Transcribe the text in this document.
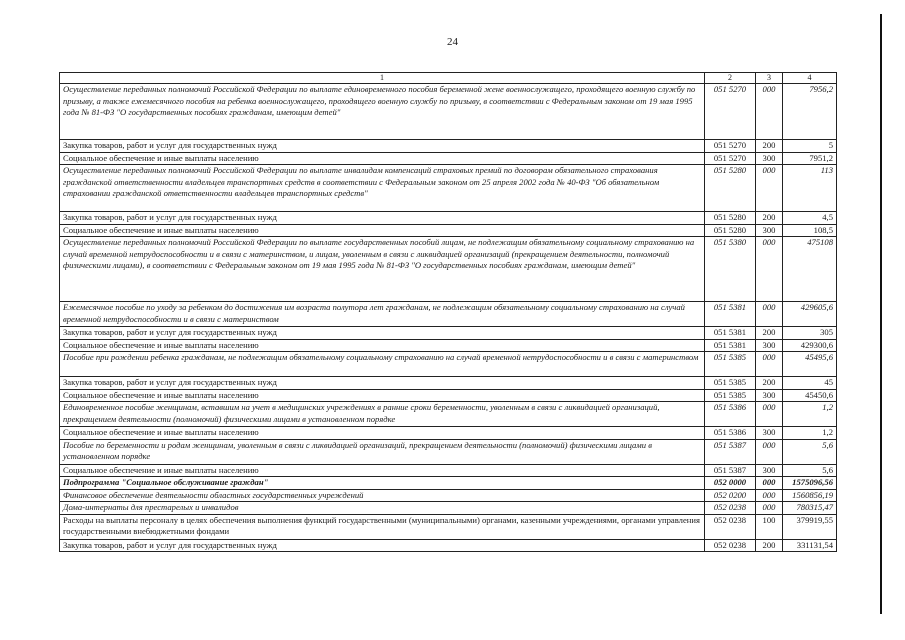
24
1	2	3	4
Осуществление переданных полномочий Российской Федерации по выплате единовременного пособия беременной жене военнослужащего, проходящего военную службу по призыву, а также ежемесячного пособия на ребенка военнослужащего, проходящего военную службу по призыву, в соответствии с Федеральным законом от 19 мая 1995 года № 81-ФЗ "О государственных пособиях гражданам, имеющим детей"	051 5270	000	7956,2
Закупка товаров, работ и услуг для государственных нужд	051 5270	200	5
Социальное обеспечение и иные выплаты населению	051 5270	300	7951,2
Осуществление переданных полномочий Российской Федерации по выплате инвалидам компенсаций страховых премий по договорам обязательного страхования гражданской ответственности владельцев транспортных средств в соответствии с Федеральным законом от 25 апреля 2002 года № 40-ФЗ "Об обязательном страховании гражданской ответственности владельцев транспортных средств"	051 5280	000	113
Закупка товаров, работ и услуг для государственных нужд	051 5280	200	4,5
Социальное обеспечение и иные выплаты населению	051 5280	300	108,5
Осуществление переданных полномочий Российской Федерации по выплате государственных пособий лицам, не подлежащим обязательному социальному страхованию на случай временной нетрудоспособности и в связи с материнством, и лицам, уволенным в связи с ликвидацией организаций (прекращением деятельности, полномочий физическими лицами), в соответствии с Федеральным законом от 19 мая 1995 года № 81-ФЗ "О государственных пособиях гражданам, имеющим детей"	051 5380	000	475108
Ежемесячное пособие по уходу за ребенком до достижения им возраста полутора лет гражданам, не подлежащим обязательному социальному страхованию на случай временной нетрудоспособности и в связи с материнством	051 5381	000	429605,6
Закупка товаров, работ и услуг для государственных нужд	051 5381	200	305
Социальное обеспечение и иные выплаты населению	051 5381	300	429300,6
Пособие при рождении ребенка гражданам, не подлежащим обязательному социальному страхованию на случай временной нетрудоспособности и в связи с материнством	051 5385	000	45495,6
Закупка товаров, работ и услуг для государственных нужд	051 5385	200	45
Социальное обеспечение и иные выплаты населению	051 5385	300	45450,6
Единовременное пособие женщинам, вставшим на учет в медицинских учреждениях в ранние сроки беременности, уволенным в связи с ликвидацией организаций, прекращением деятельности (полномочий) физическими лицами в установленном порядке	051 5386	000	1,2
Социальное обеспечение и иные выплаты населению	051 5386	300	1,2
Пособие по беременности и родам женщинам, уволенным в связи с ликвидацией организаций, прекращением деятельности (полномочий) физическими лицами в установленном порядке	051 5387	000	5,6
Социальное обеспечение и иные выплаты населению	051 5387	300	5,6
Подпрограмма "Социальное обслуживание граждан"	052 0000	000	1575096,56
Финансовое обеспечение деятельности областных государственных учреждений	052 0200	000	1560856,19
Дома-интернаты для престарелых и инвалидов	052 0238	000	780315,47
Расходы на выплаты персоналу в целях обеспечения выполнения функций государственными (муниципальными) органами, казенными учреждениями, органами управления государственными внебюджетными фондами	052 0238	100	379919,55
Закупка товаров, работ и услуг для государственных нужд	052 0238	200	331131,54
